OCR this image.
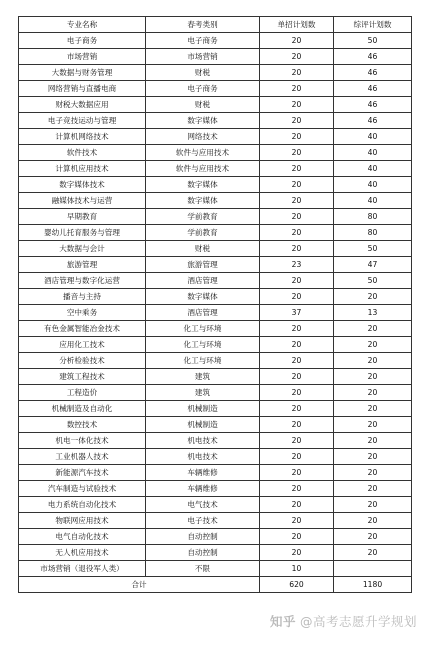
专业名称	春考类别	单招计划数	综评计划数
电子商务	电子商务	20	50
市场营销	市场营销	20	46
大数据与财务管理	财税	20	46
网络营销与直播电商	电子商务	20	46
财税大数据应用	财税	20	46
电子竞技运动与管理	数字媒体	20	46
计算机网络技术	网络技术	20	40
软件技术	软件与应用技术	20	40
计算机应用技术	软件与应用技术	20	40
数字媒体技术	数字媒体	20	40
融媒体技术与运营	数字媒体	20	40
早期教育	学前教育	20	80
婴幼儿托育服务与管理	学前教育	20	80
大数据与会计	财税	20	50
旅游管理	旅游管理	23	47
酒店管理与数字化运营	酒店管理	20	50
播音与主持	数字媒体	20	20
空中乘务	酒店管理	37	13
有色金属智能冶金技术	化工与环境	20	20
应用化工技术	化工与环境	20	20
分析检验技术	化工与环境	20	20
建筑工程技术	建筑	20	20
工程造价	建筑	20	20
机械制造及自动化	机械制造	20	20
数控技术	机械制造	20	20
机电一体化技术	机电技术	20	20
工业机器人技术	机电技术	20	20
新能源汽车技术	车辆维修	20	20
汽车制造与试验技术	车辆维修	20	20
电力系统自动化技术	电气技术	20	20
物联网应用技术	电子技术	20	20
电气自动化技术	自动控制	20	20
无人机应用技术	自动控制	20	20
市场营销（退役军人类）	不限	10	
合计		620	1180
知乎 @高考志愿升学规划
